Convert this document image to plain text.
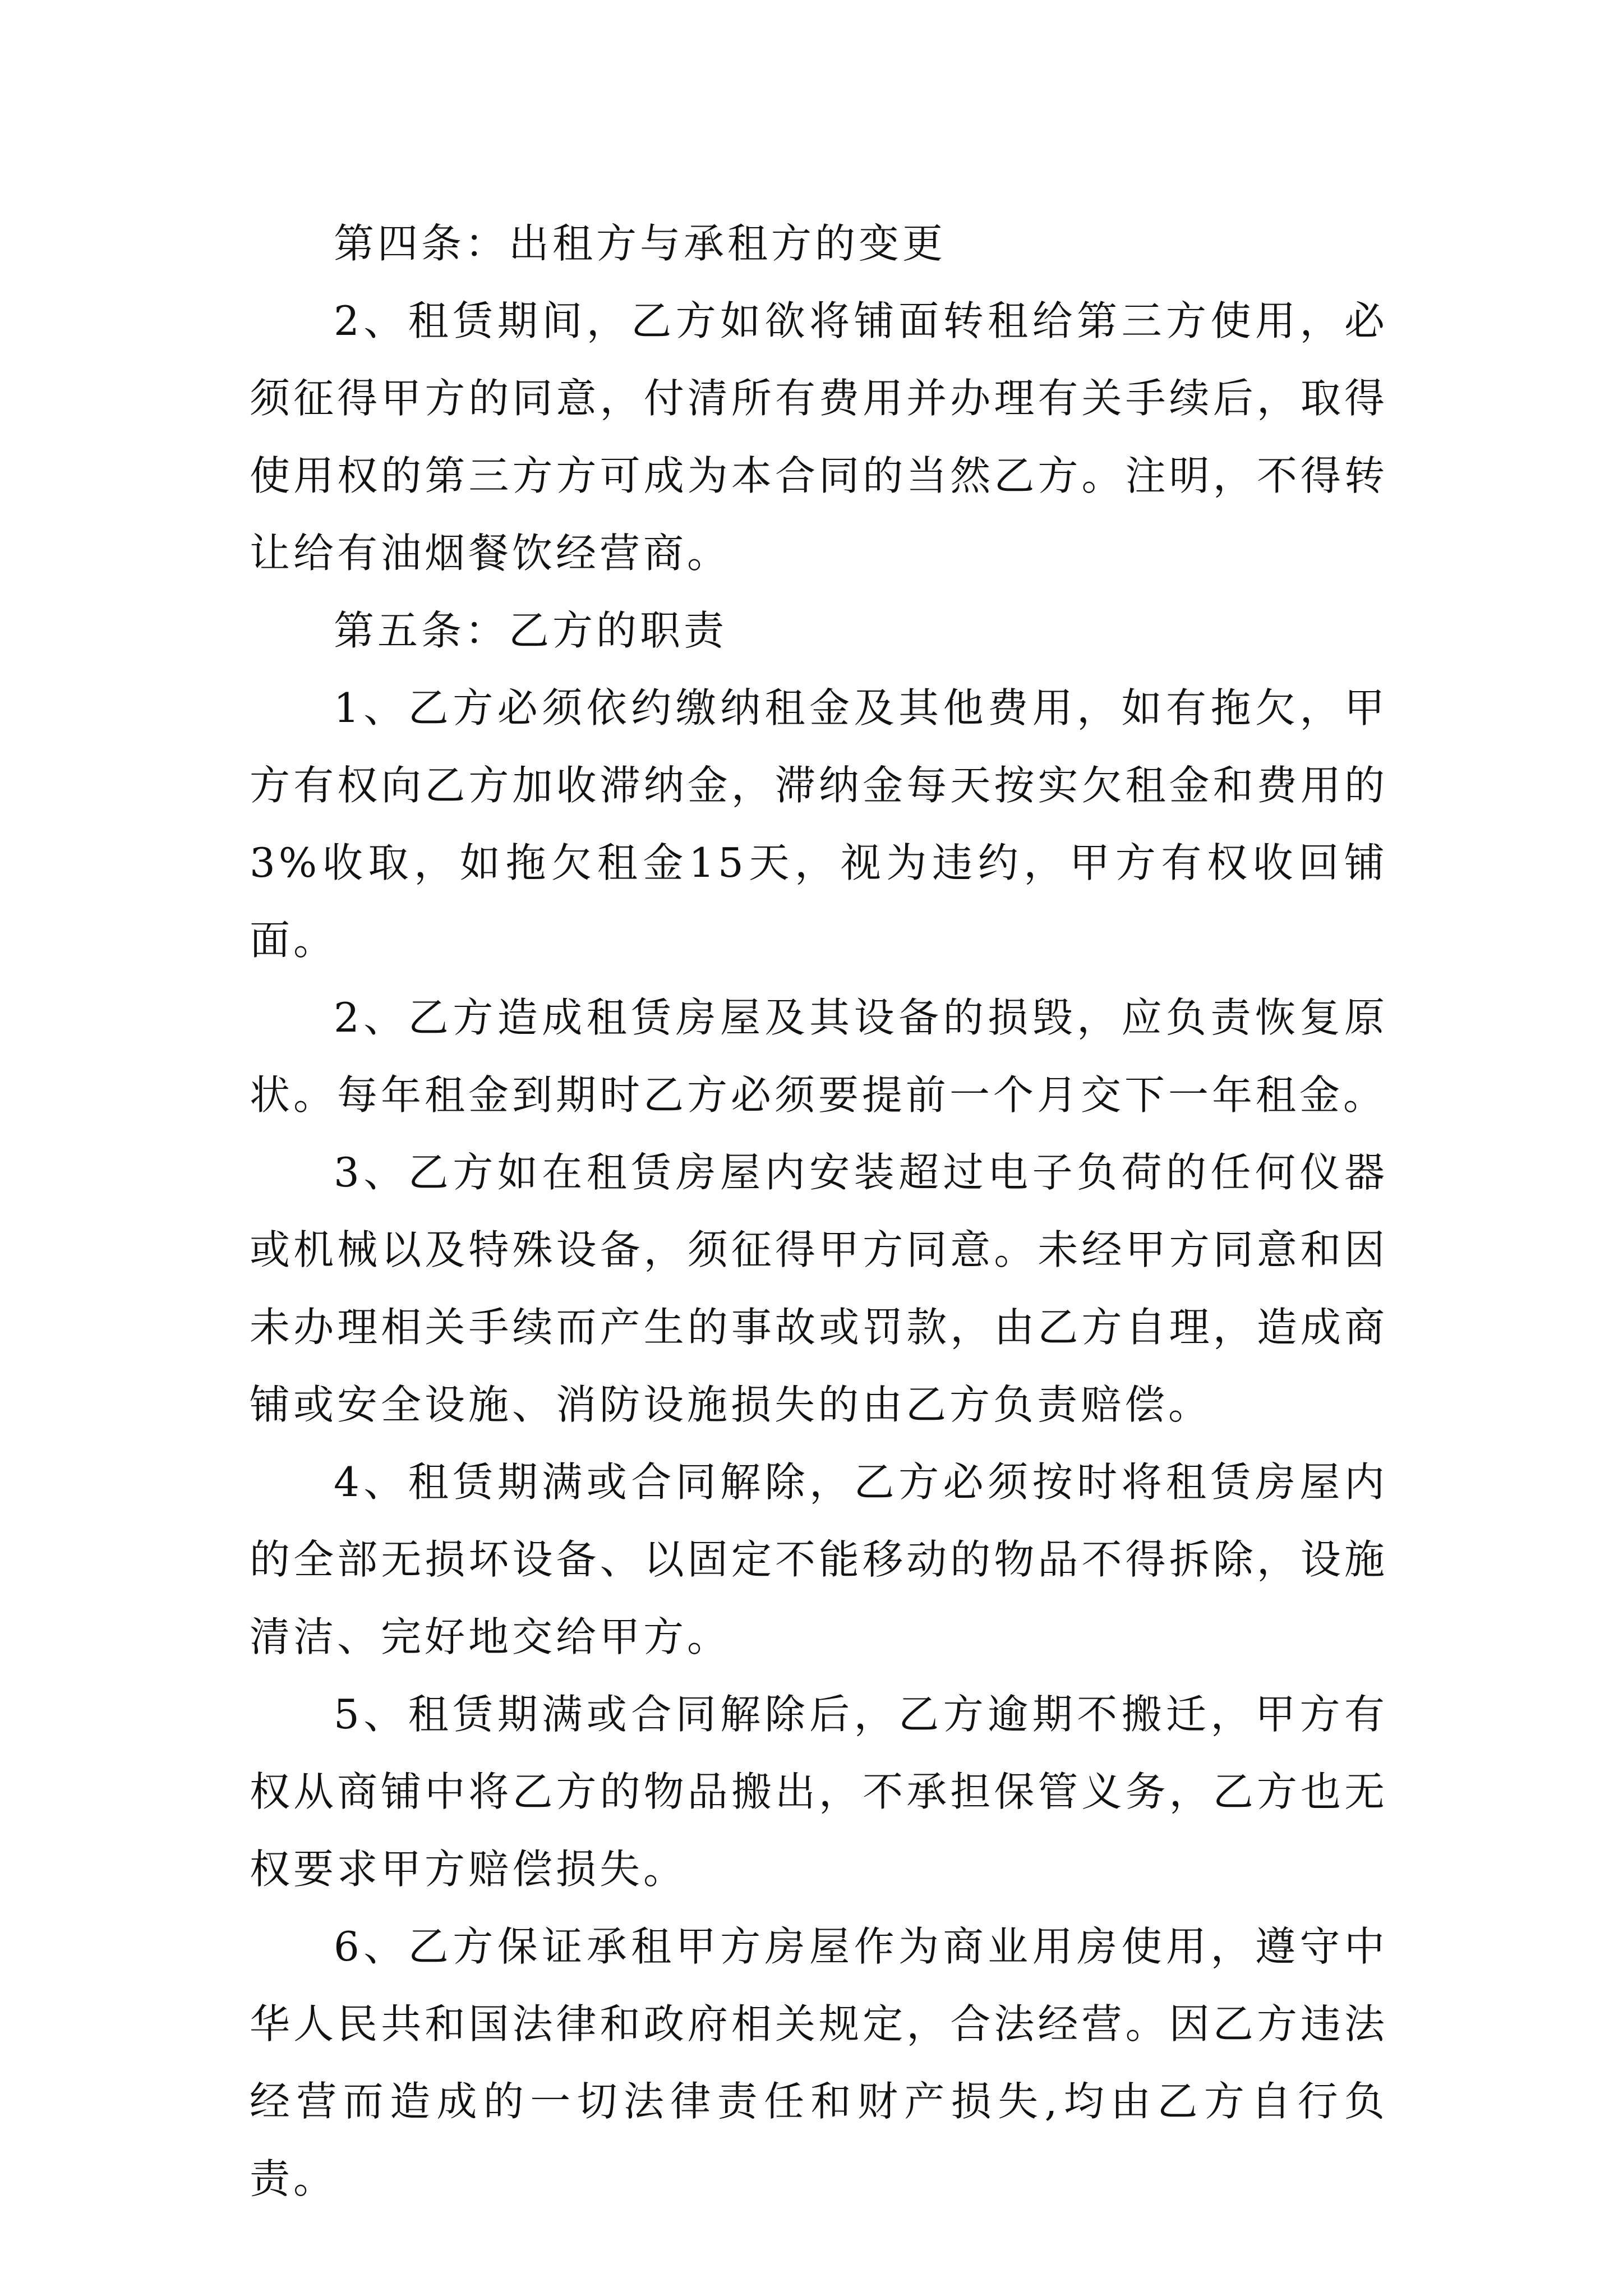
第四条：出租方与承租方的变更

2、租赁期间，乙方如欲将铺面转租给第三方使用，必须征得甲方的同意，付清所有费用并办理有关手续后，取得使用权的第三方方可成为本合同的当然乙方。注明，不得转让给有油烟餐饮经营商。

第五条：乙方的职责

1、乙方必须依约缴纳租金及其他费用，如有拖欠，甲方有权向乙方加收滞纳金，滞纳金每天按实欠租金和费用的3%收取，如拖欠租金15天，视为违约，甲方有权收回铺面。

2、乙方造成租赁房屋及其设备的损毁，应负责恢复原状。每年租金到期时乙方必须要提前一个月交下一年租金。

3、乙方如在租赁房屋内安装超过电子负荷的任何仪器或机械以及特殊设备，须征得甲方同意。未经甲方同意和因未办理相关手续而产生的事故或罚款，由乙方自理，造成商铺或安全设施、消防设施损失的由乙方负责赔偿。

4、租赁期满或合同解除，乙方必须按时将租赁房屋内的全部无损坏设备、以固定不能移动的物品不得拆除，设施清洁、完好地交给甲方。

5、租赁期满或合同解除后，乙方逾期不搬迁，甲方有权从商铺中将乙方的物品搬出，不承担保管义务，乙方也无权要求甲方赔偿损失。

6、乙方保证承租甲方房屋作为商业用房使用，遵守中华人民共和国法律和政府相关规定，合法经营。因乙方违法经营而造成的一切法律责任和财产损失,均由乙方自行负责。
